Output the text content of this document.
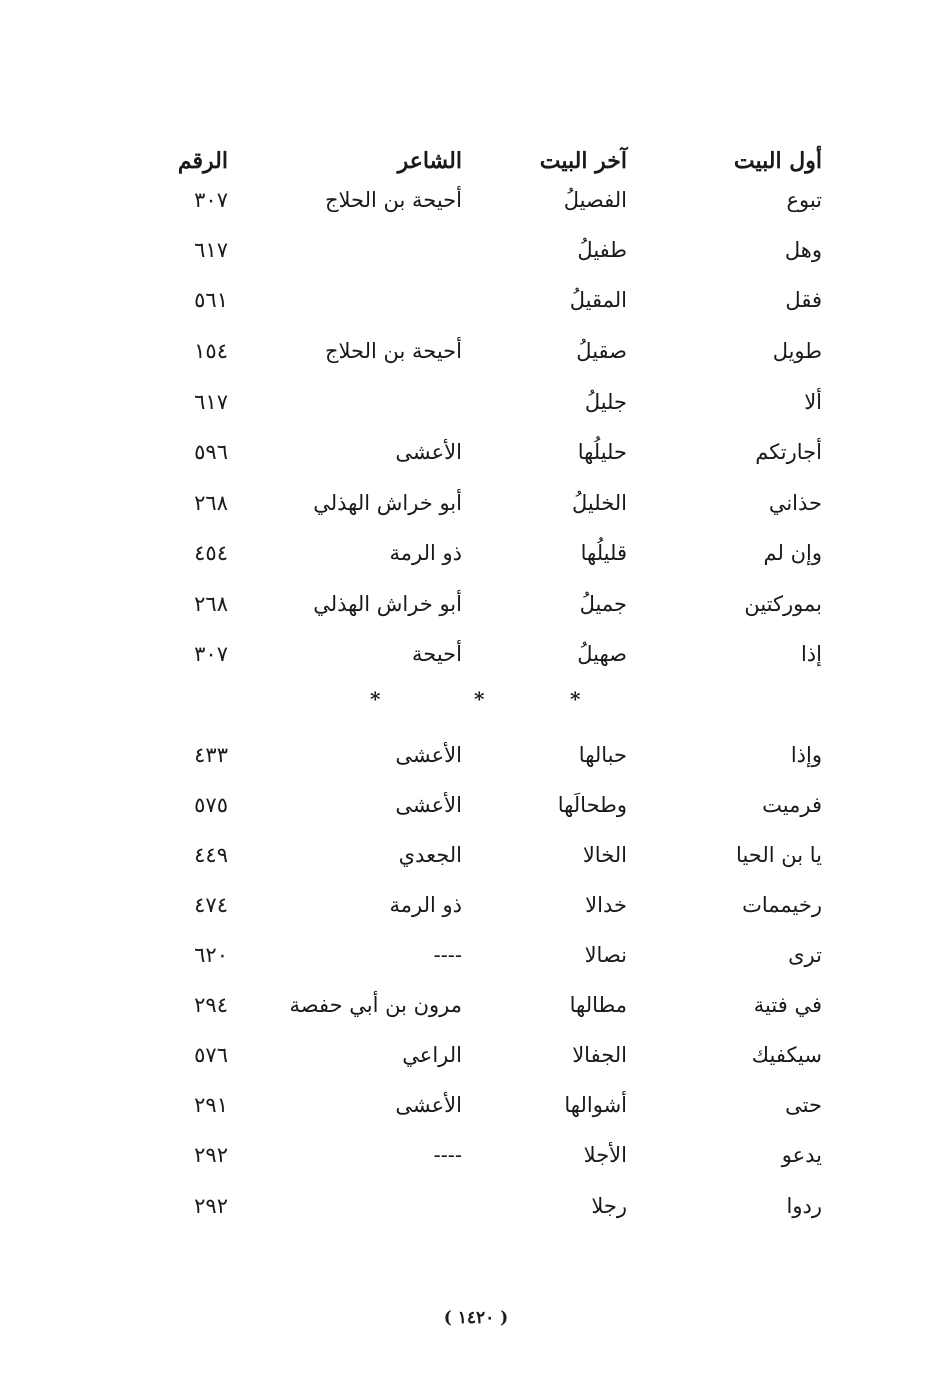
أول البيت
آخر البيت
الشاعر
الرقم
تبوع
الفصيلُ
أحيحة بن الحلاج
٣٠٧
وهل
طفيلُ
٦١٧
فقل
المقيلُ
٥٦١
طويل
صقيلُ
أحيحة بن الحلاج
١٥٤
ألا
جليلُ
٦١٧
أجارتكم
حليلُها
الأعشى
٥٩٦
حذاني
الخليلُ
أبو خراش الهذلي
٢٦٨
وإن لم
قليلُها
ذو الرمة
٤٥٤
بموركتين
جميلُ
أبو خراش الهذلي
٢٦٨
إذا
صهيلُ
أحيحة
٣٠٧
*
*
*
وإذا
حبالها
الأعشى
٤٣٣
فرميت
وطحالَها
الأعشى
٥٧٥
يا بن الحيا
الخالا
الجعدي
٤٤٩
رخيممات
خدالا
ذو الرمة
٤٧٤
ترى
نصالا
----
٦٢٠
في فتية
مطالها
مرون بن أبي حفصة
٢٩٤
سيكفيك
الجفالا
الراعي
٥٧٦
حتى
أشوالها
الأعشى
٢٩١
يدعو
الأجلا
----
٢٩٢
ردوا
رجلا
٢٩٢
( ١٤٢٠ )
